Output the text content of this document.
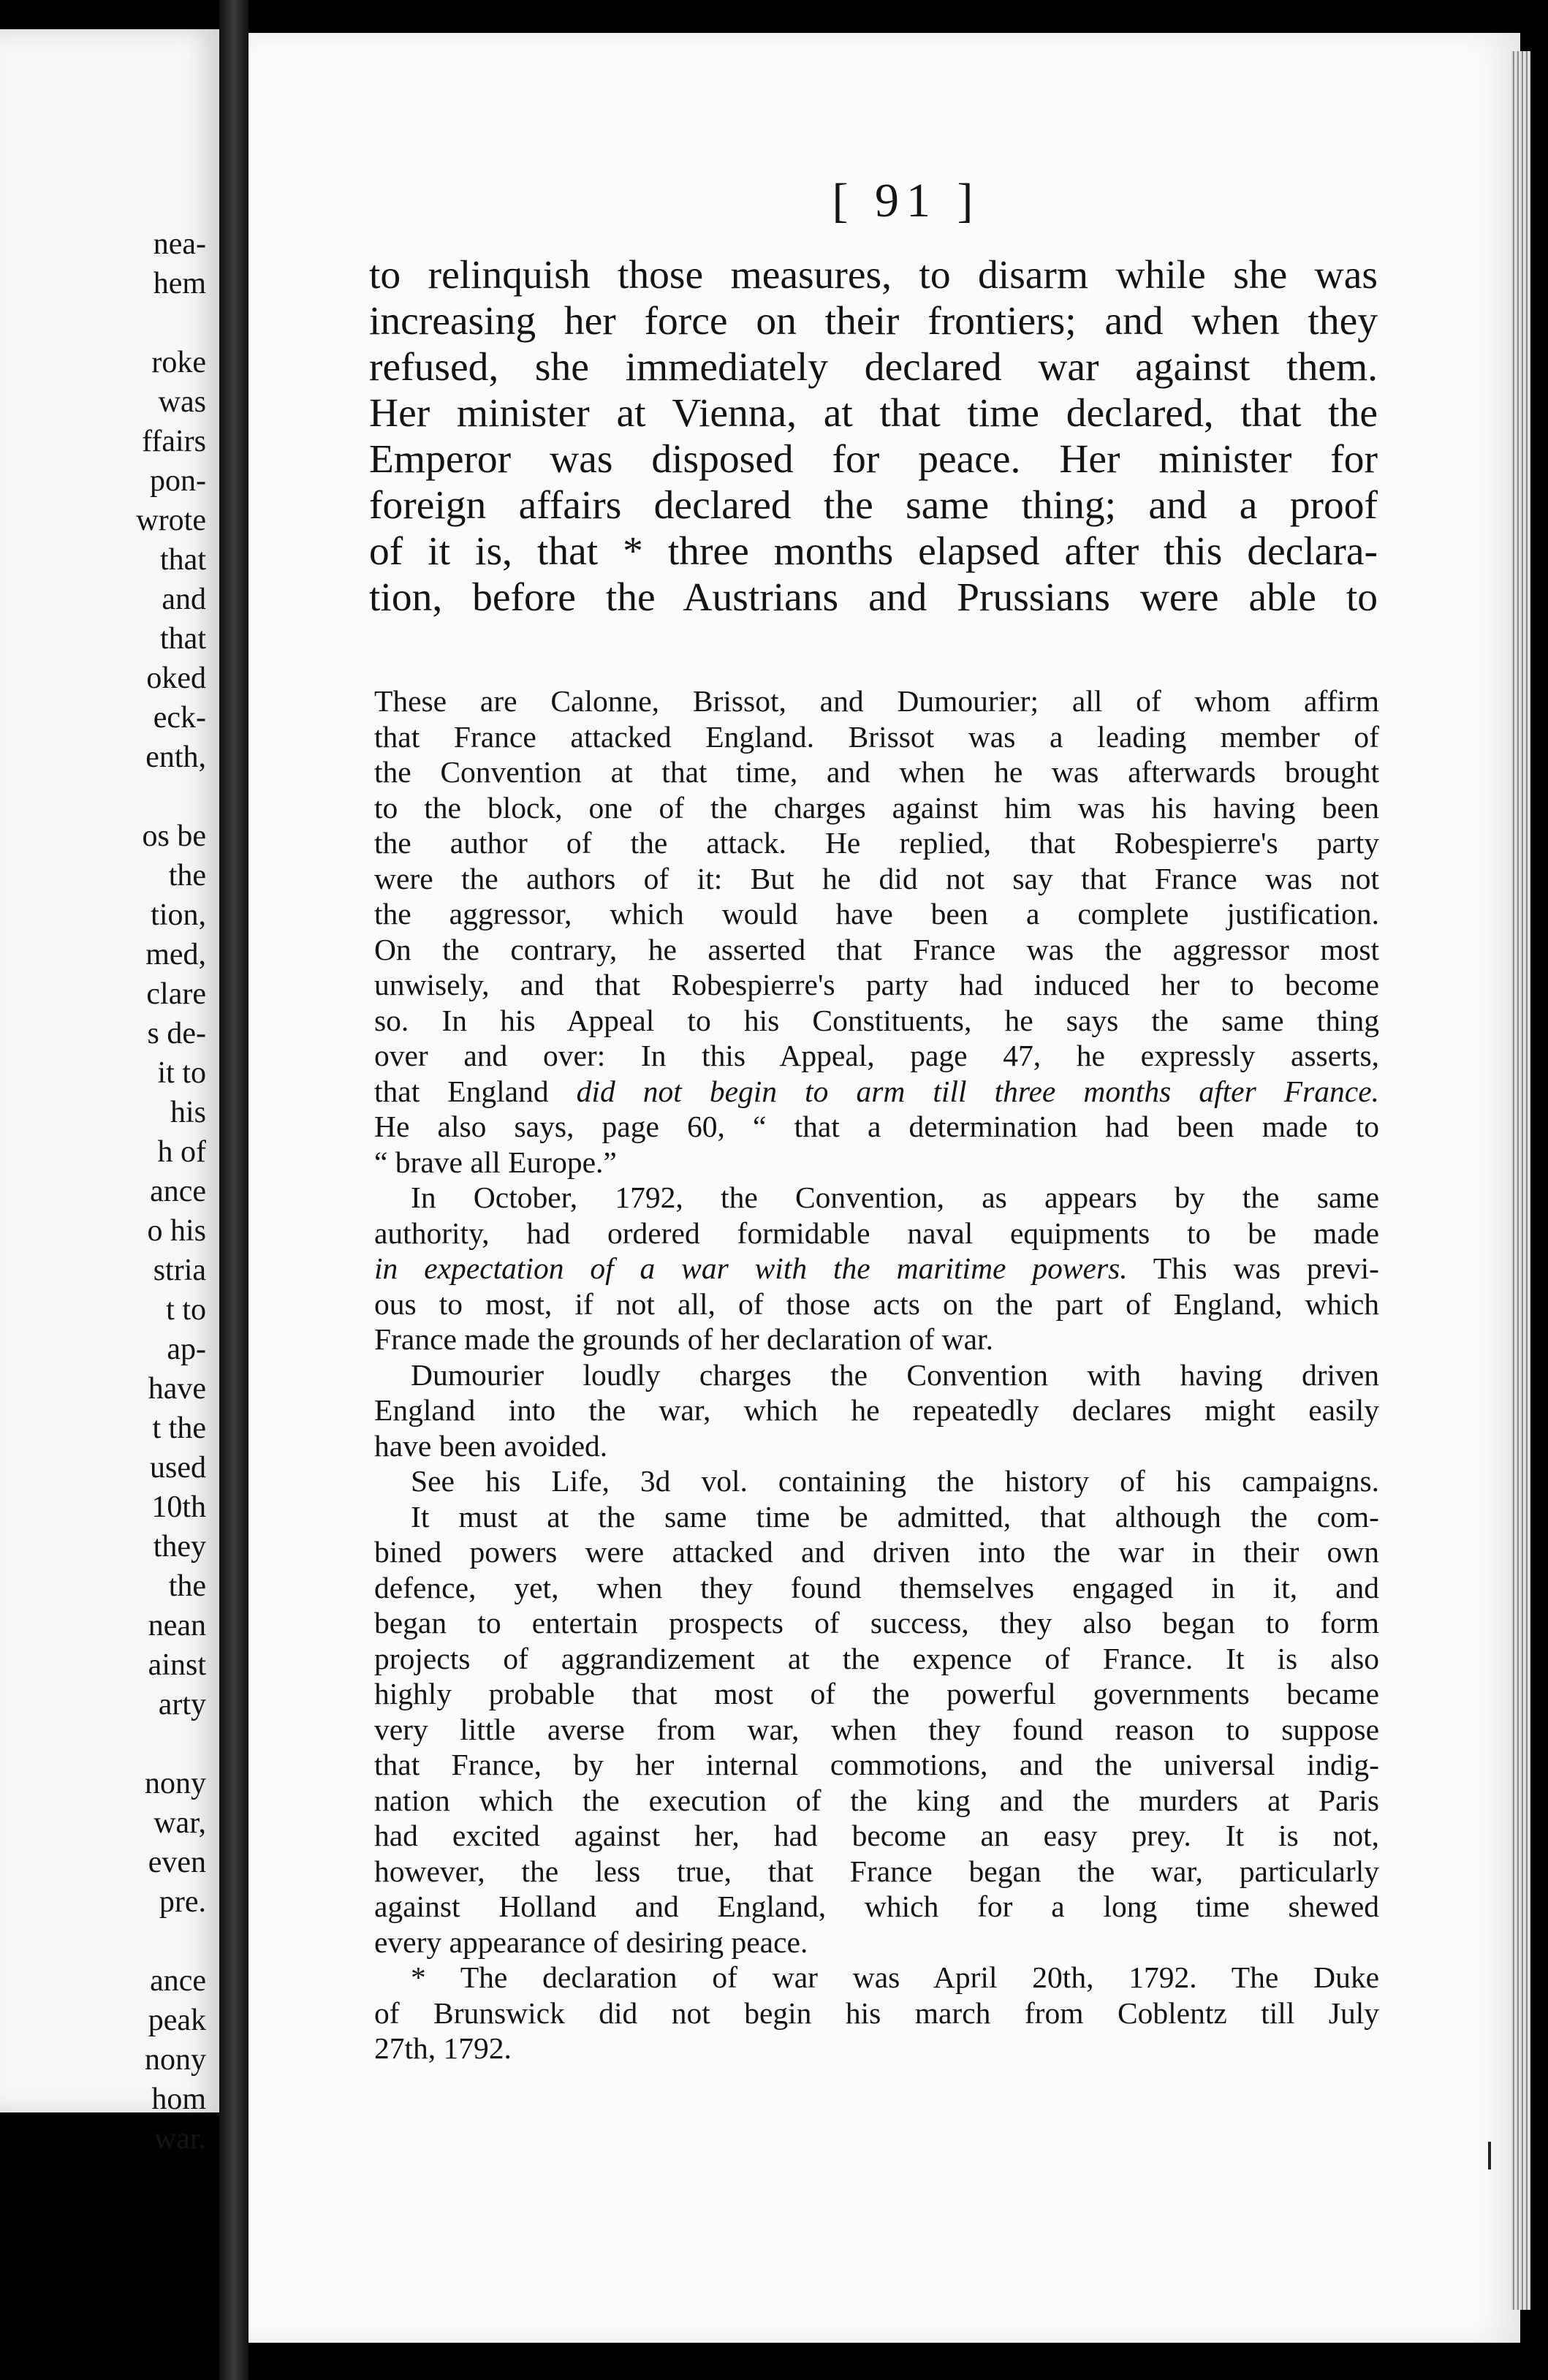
nea-
hem
roke
was
ffairs
pon-
wrote
that
and
that
oked
eck-
enth,
os be
the
tion,
med,
clare
s de-
it to
his
h of
ance
o his
stria
t to
ap-
have
t the
used
10th
they
the
nean
ainst
arty
nony
war,
even
pre.
ance
peak
nony
hom
war.
[ 91 ]
to relinquish those measures, to disarm while she was
increasing her force on their frontiers; and when they
refused, she immediately declared war against them.
Her minister at Vienna, at that time declared, that the
Emperor was disposed for peace. Her minister for
foreign affairs declared the same thing; and a proof
of it is, that * three months elapsed after this declara-
tion, before the Austrians and Prussians were able to
These are Calonne, Brissot, and Dumourier; all of whom affirm
that France attacked England. Brissot was a leading member of
the Convention at that time, and when he was afterwards brought
to the block, one of the charges against him was his having been
the author of the attack. He replied, that Robespierre's party
were the authors of it: But he did not say that France was not
the aggressor, which would have been a complete justification.
On the contrary, he asserted that France was the aggressor most
unwisely, and that Robespierre's party had induced her to become
so. In his Appeal to his Constituents, he says the same thing
over and over: In this Appeal, page 47, he expressly asserts,
that England did not begin to arm till three months after France.
He also says, page 60, “ that a determination had been made to
“ brave all Europe.”
In October, 1792, the Convention, as appears by the same
authority, had ordered formidable naval equipments to be made
in expectation of a war with the maritime powers. This was previ-
ous to most, if not all, of those acts on the part of England, which
France made the grounds of her declaration of war.
Dumourier loudly charges the Convention with having driven
England into the war, which he repeatedly declares might easily
have been avoided.
See his Life, 3d vol. containing the history of his campaigns.
It must at the same time be admitted, that although the com-
bined powers were attacked and driven into the war in their own
defence, yet, when they found themselves engaged in it, and
began to entertain prospects of success, they also began to form
projects of aggrandizement at the expence of France. It is also
highly probable that most of the powerful governments became
very little averse from war, when they found reason to suppose
that France, by her internal commotions, and the universal indig-
nation which the execution of the king and the murders at Paris
had excited against her, had become an easy prey. It is not,
however, the less true, that France began the war, particularly
against Holland and England, which for a long time shewed
every appearance of desiring peace.
* The declaration of war was April 20th, 1792. The Duke
of Brunswick did not begin his march from Coblentz till July
27th, 1792.
